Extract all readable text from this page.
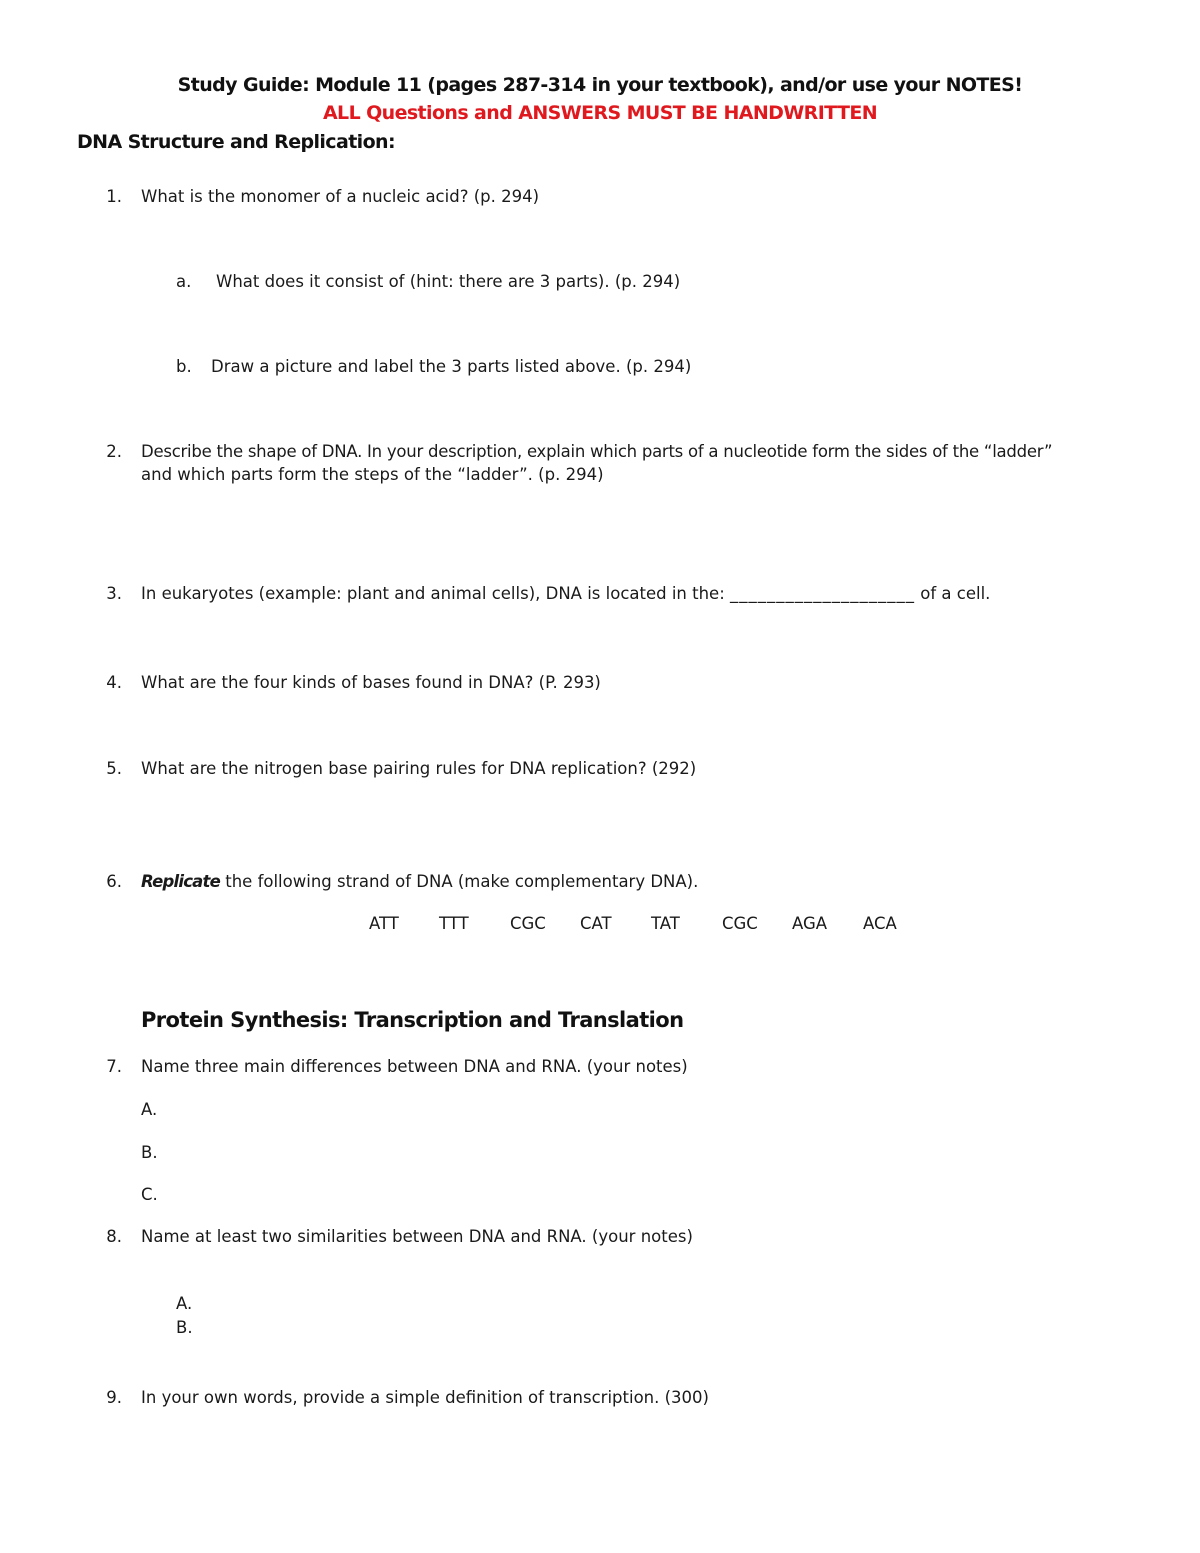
Study Guide: Module 11 (pages 287-314 in your textbook), and/or use your NOTES!
ALL Questions and ANSWERS MUST BE HANDWRITTEN
DNA Structure and Replication:
1. What is the monomer of a nucleic acid? (p. 294)
a. What does it consist of (hint: there are 3 parts). (p. 294)
b. Draw a picture and label the 3 parts listed above. (p. 294)
2. Describe the shape of DNA. In your description, explain which parts of a nucleotide form the sides of the “ladder”
and which parts form the steps of the “ladder”. (p. 294)
3. In eukaryotes (example: plant and animal cells), DNA is located in the: ____________________ of a cell.
4. What are the four kinds of bases found in DNA? (P. 293)
5. What are the nitrogen base pairing rules for DNA replication? (292)
6. Replicate the following strand of DNA (make complementary DNA).
ATT TTT	CGC CAT TAT	CGC AGA ACA
Protein Synthesis: Transcription and Translation
7. Name three main differences between DNA and RNA. (your notes)
A.
B.
C.
8. Name at least two similarities between DNA and RNA. (your notes)
A.
B.
9. In your own words, provide a simple definition of transcription. (300)
